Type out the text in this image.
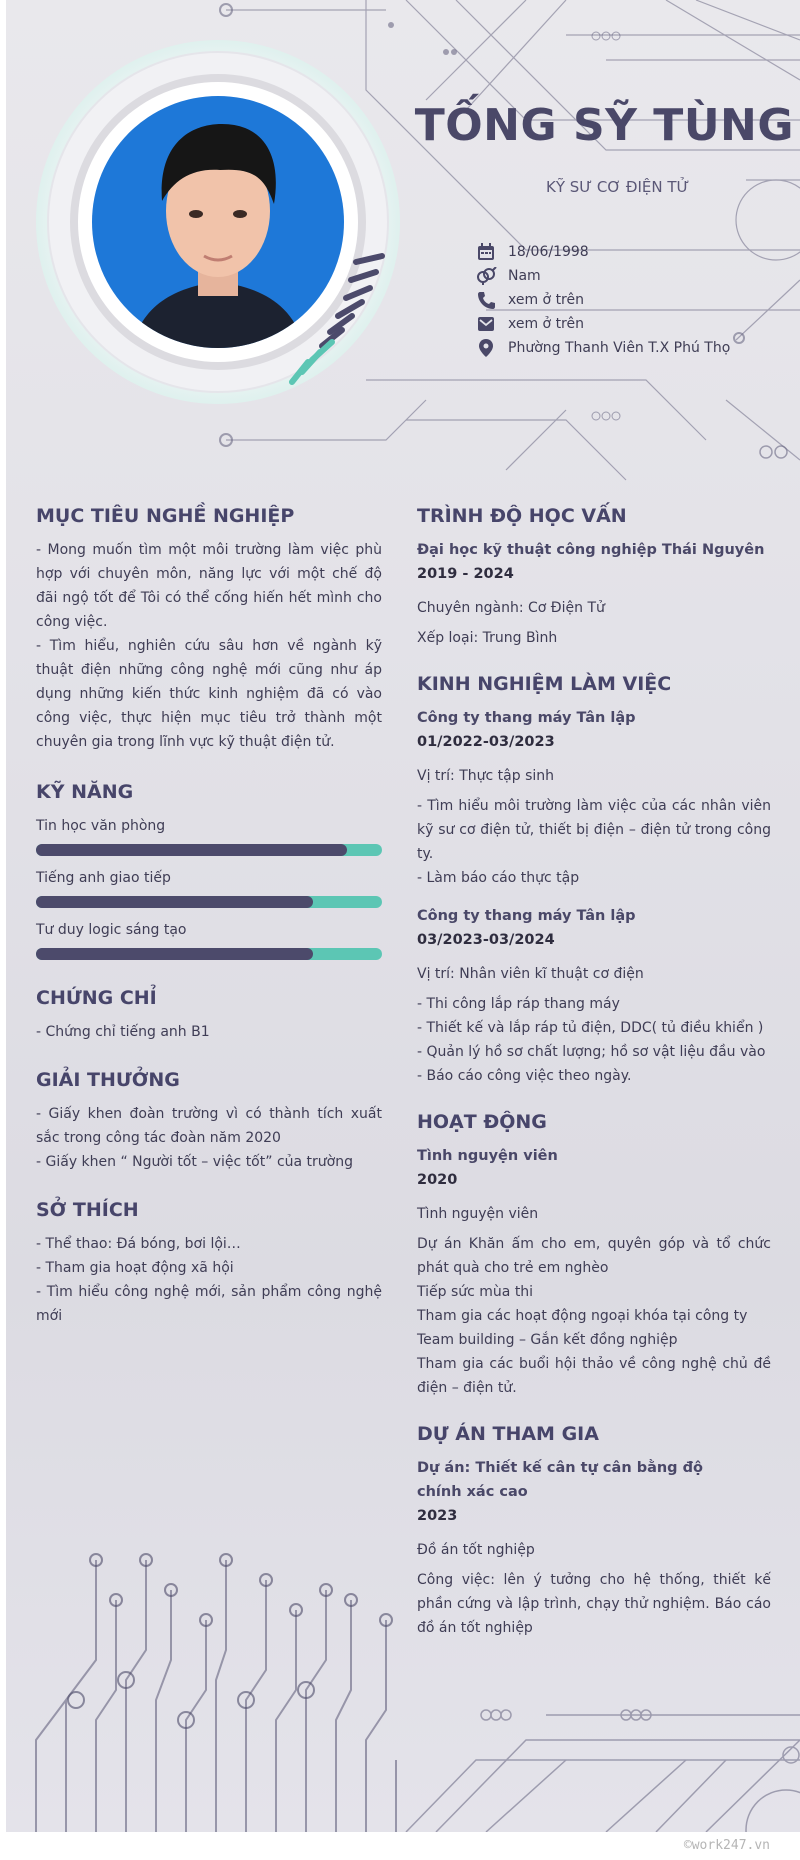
TỐNG SỸ TÙNG
KỸ SƯ CƠ ĐIỆN TỬ
18/06/1998
Nam
xem ở trên
xem ở trên
Phường Thanh Viên T.X Phú Thọ
MỤC TIÊU NGHỀ NGHIỆP

- Mong muốn tìm một môi trường làm việc phù hợp với chuyên môn, năng lực với một chế độ đãi ngộ tốt để Tôi có thể cống hiến hết mình cho công việc.

- Tìm hiểu, nghiên cứu sâu hơn về ngành kỹ thuật điện những công nghệ mới cũng như áp dụng những kiến thức kinh nghiệm đã có vào công việc, thực hiện mục tiêu trở thành một chuyên gia trong lĩnh vực kỹ thuật điện tử.

KỸ NĂNG
Tin học văn phòng
Tiếng anh giao tiếp
Tư duy logic sáng tạo
CHỨNG CHỈ

- Chứng chỉ tiếng anh B1

GIẢI THƯỞNG

- Giấy khen đoàn trường vì có thành tích xuất sắc trong công tác đoàn năm 2020

- Giấy khen “ Người tốt – việc tốt” của trường

SỞ THÍCH

- Thể thao: Đá bóng, bơi lội…

- Tham gia hoạt động xã hội

- Tìm hiểu công nghệ mới, sản phẩm công nghệ mới

TRÌNH ĐỘ HỌC VẤN
Đại học kỹ thuật công nghiệp Thái Nguyên
2019 - 2024

Chuyên ngành: Cơ Điện Tử

Xếp loại: Trung Bình

KINH NGHIỆM LÀM VIỆC
Công ty thang máy Tân lập
01/2022-03/2023

Vị trí: Thực tập sinh

- Tìm hiểu môi trường làm việc của các nhân viên kỹ sư cơ điện tử, thiết bị điện – điện tử trong công ty.

- Làm báo cáo thực tập

Công ty thang máy Tân lập
03/2023-03/2024

Vị trí: Nhân viên kĩ thuật cơ điện

- Thi công lắp ráp thang máy

- Thiết kế và lắp ráp tủ điện, DDC( tủ điều khiển )

- Quản lý hồ sơ chất lượng; hồ sơ vật liệu đầu vào

- Báo cáo công việc theo ngày.

HOẠT ĐỘNG
Tình nguyện viên
2020

Tình nguyện viên

Dự án Khăn ấm cho em, quyên góp và tổ chức phát quà cho trẻ em nghèo

Tiếp sức mùa thi

Tham gia các hoạt động ngoại khóa tại công ty

Team building – Gắn kết đồng nghiệp

Tham gia các buổi hội thảo về công nghệ chủ đề điện – điện tử.

DỰ ÁN THAM GIA
Dự án: Thiết kế cân tự cân bằng độ chính xác cao
2023

Đồ án tốt nghiệp

Công việc: lên ý tưởng cho hệ thống, thiết kế phần cứng và lập trình, chạy thử nghiệm. Báo cáo đồ án tốt nghiệp

©work247.vn
